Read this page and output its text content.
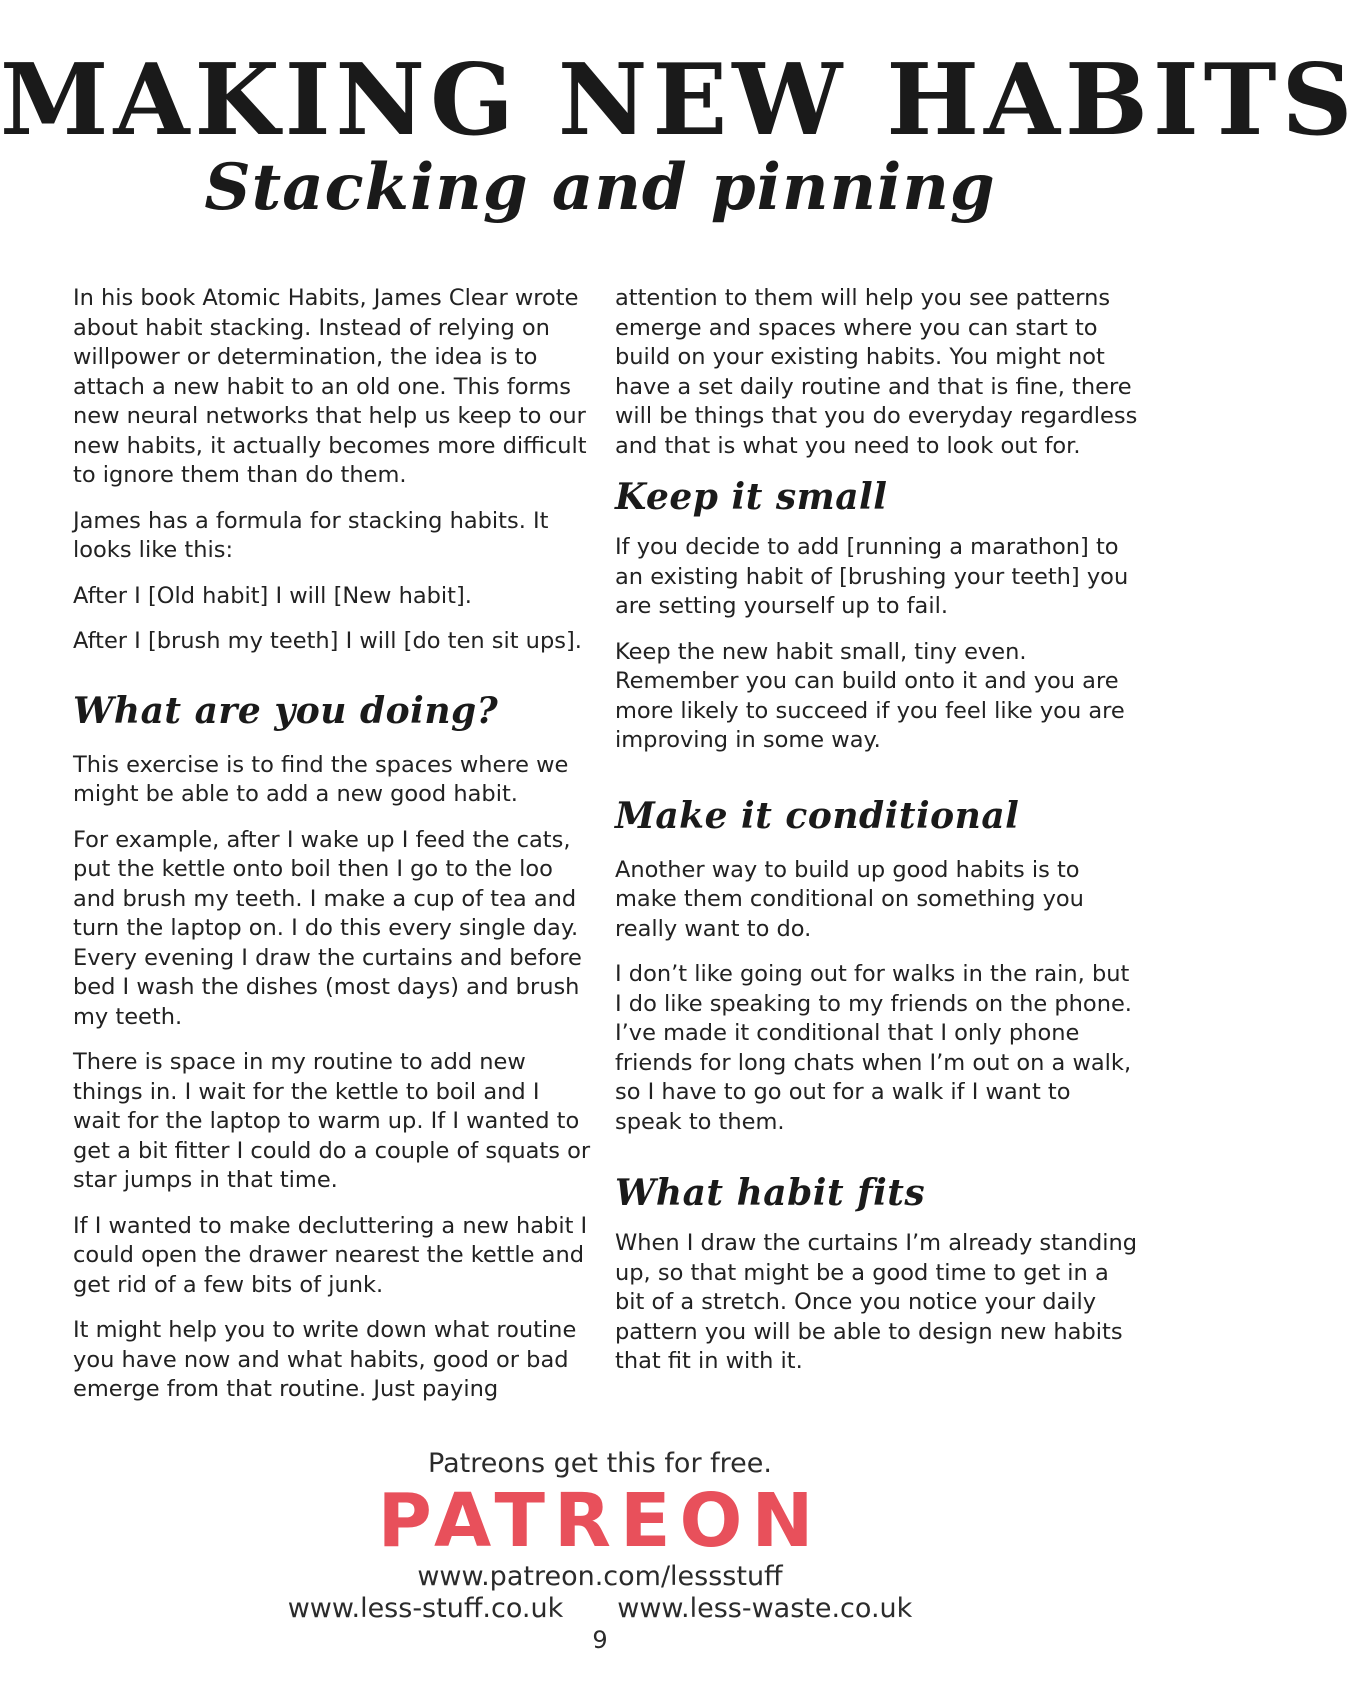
MAKING NEW HABITS
Stacking and pinning

In his book Atomic Habits, James Clear wrote about habit stacking. Instead of relying on willpower or determination, the idea is to attach a new habit to an old one. This forms new neural networks that help us keep to our new habits, it actually becomes more difficult to ignore them than do them.

James has a formula for stacking habits. It looks like this:

After I [Old habit] I will [New habit].

After I [brush my teeth] I will [do ten sit ups].

What are you doing?

This exercise is to find the spaces where we might be able to add a new good habit.

For example, after I wake up I feed the cats, put the kettle onto boil then I go to the loo and brush my teeth. I make a cup of tea and turn the laptop on. I do this every single day. Every evening I draw the curtains and before bed I wash the dishes (most days) and brush my teeth.

There is space in my routine to add new things in. I wait for the kettle to boil and I wait for the laptop to warm up. If I wanted to get a bit fitter I could do a couple of squats or star jumps in that time.

If I wanted to make decluttering a new habit I could open the drawer nearest the kettle and get rid of a few bits of junk.

It might help you to write down what routine you have now and what habits, good or bad emerge from that routine. Just paying

attention to them will help you see patterns emerge and spaces where you can start to build on your existing habits. You might not have a set daily routine and that is fine, there will be things that you do everyday regardless and that is what you need to look out for.

Keep it small

If you decide to add [running a marathon] to an existing habit of [brushing your teeth] you are setting yourself up to fail.

Keep the new habit small, tiny even. Remember you can build onto it and you are more likely to succeed if you feel like you are improving in some way.

Make it conditional

Another way to build up good habits is to make them conditional on something you really want to do.

I don’t like going out for walks in the rain, but I do like speaking to my friends on the phone. I’ve made it conditional that I only phone friends for long chats when I’m out on a walk, so I have to go out for a walk if I want to speak to them.

What habit fits

When I draw the curtains I’m already standing up, so that might be a good time to get in a bit of a stretch. Once you notice your daily pattern you will be able to design new habits that fit in with it.

Patreons get this for free.
PATREON
www.patreon.com/lessstuff
www.less-stuff.co.uk www.less-waste.co.uk
9
